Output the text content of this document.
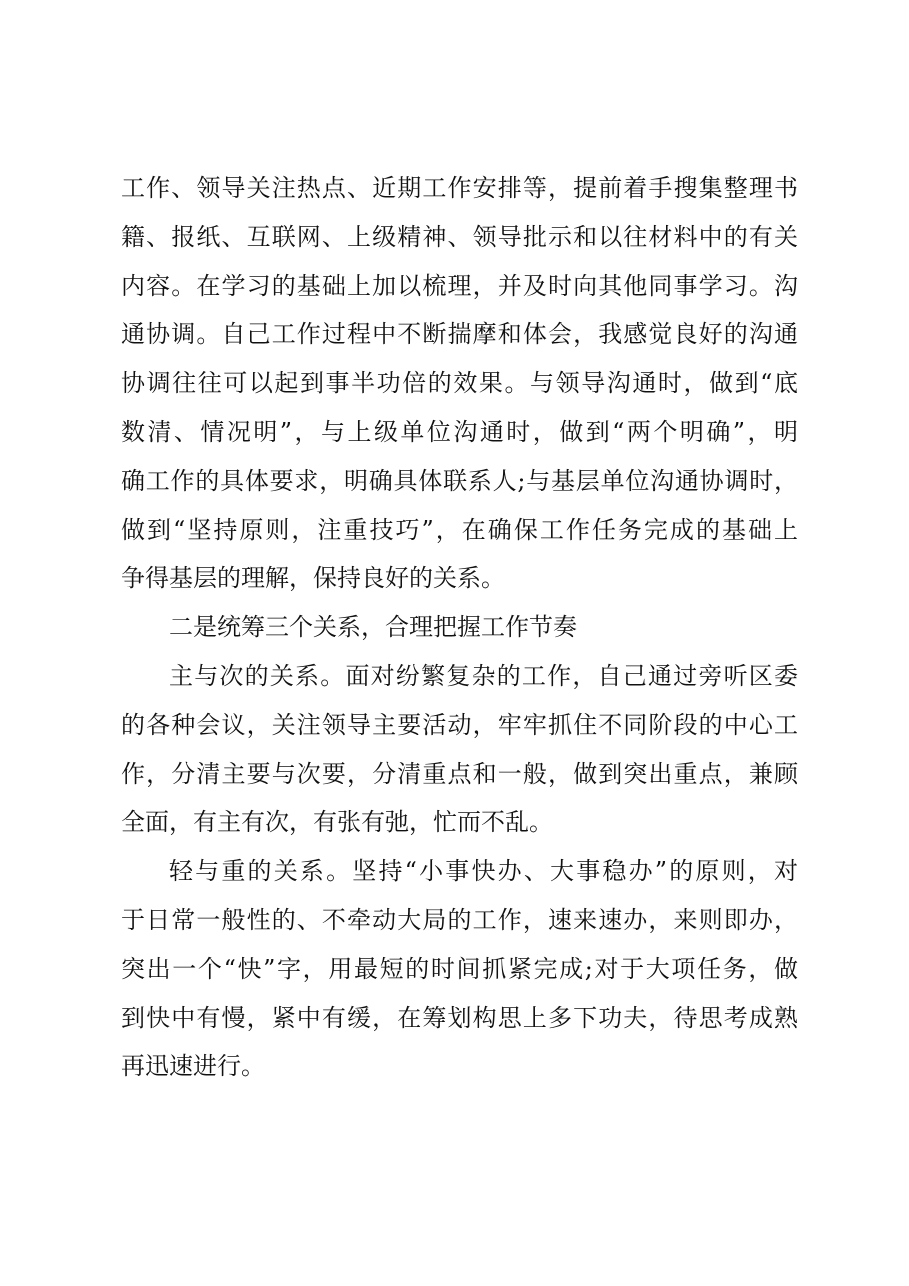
工作、领导关注热点、近期工作安排等，提前着手搜集整理书
籍、报纸、互联网、上级精神、领导批示和以往材料中的有关
内容。在学习的基础上加以梳理，并及时向其他同事学习。沟
通协调。自己工作过程中不断揣摩和体会，我感觉良好的沟通
协调往往可以起到事半功倍的效果。与领导沟通时，做到“底
数清、情况明”，与上级单位沟通时，做到“两个明确”，明
确工作的具体要求，明确具体联系人;与基层单位沟通协调时，
做到“坚持原则，注重技巧”，在确保工作任务完成的基础上
争得基层的理解，保持良好的关系。
二是统筹三个关系，合理把握工作节奏
主与次的关系。面对纷繁复杂的工作，自己通过旁听区委
的各种会议，关注领导主要活动，牢牢抓住不同阶段的中心工
作，分清主要与次要，分清重点和一般，做到突出重点，兼顾
全面，有主有次，有张有弛，忙而不乱。
轻与重的关系。坚持“小事快办、大事稳办”的原则，对
于日常一般性的、不牵动大局的工作，速来速办，来则即办，
突出一个“快”字，用最短的时间抓紧完成;对于大项任务，做
到快中有慢，紧中有缓，在筹划构思上多下功夫，待思考成熟
再迅速进行。
